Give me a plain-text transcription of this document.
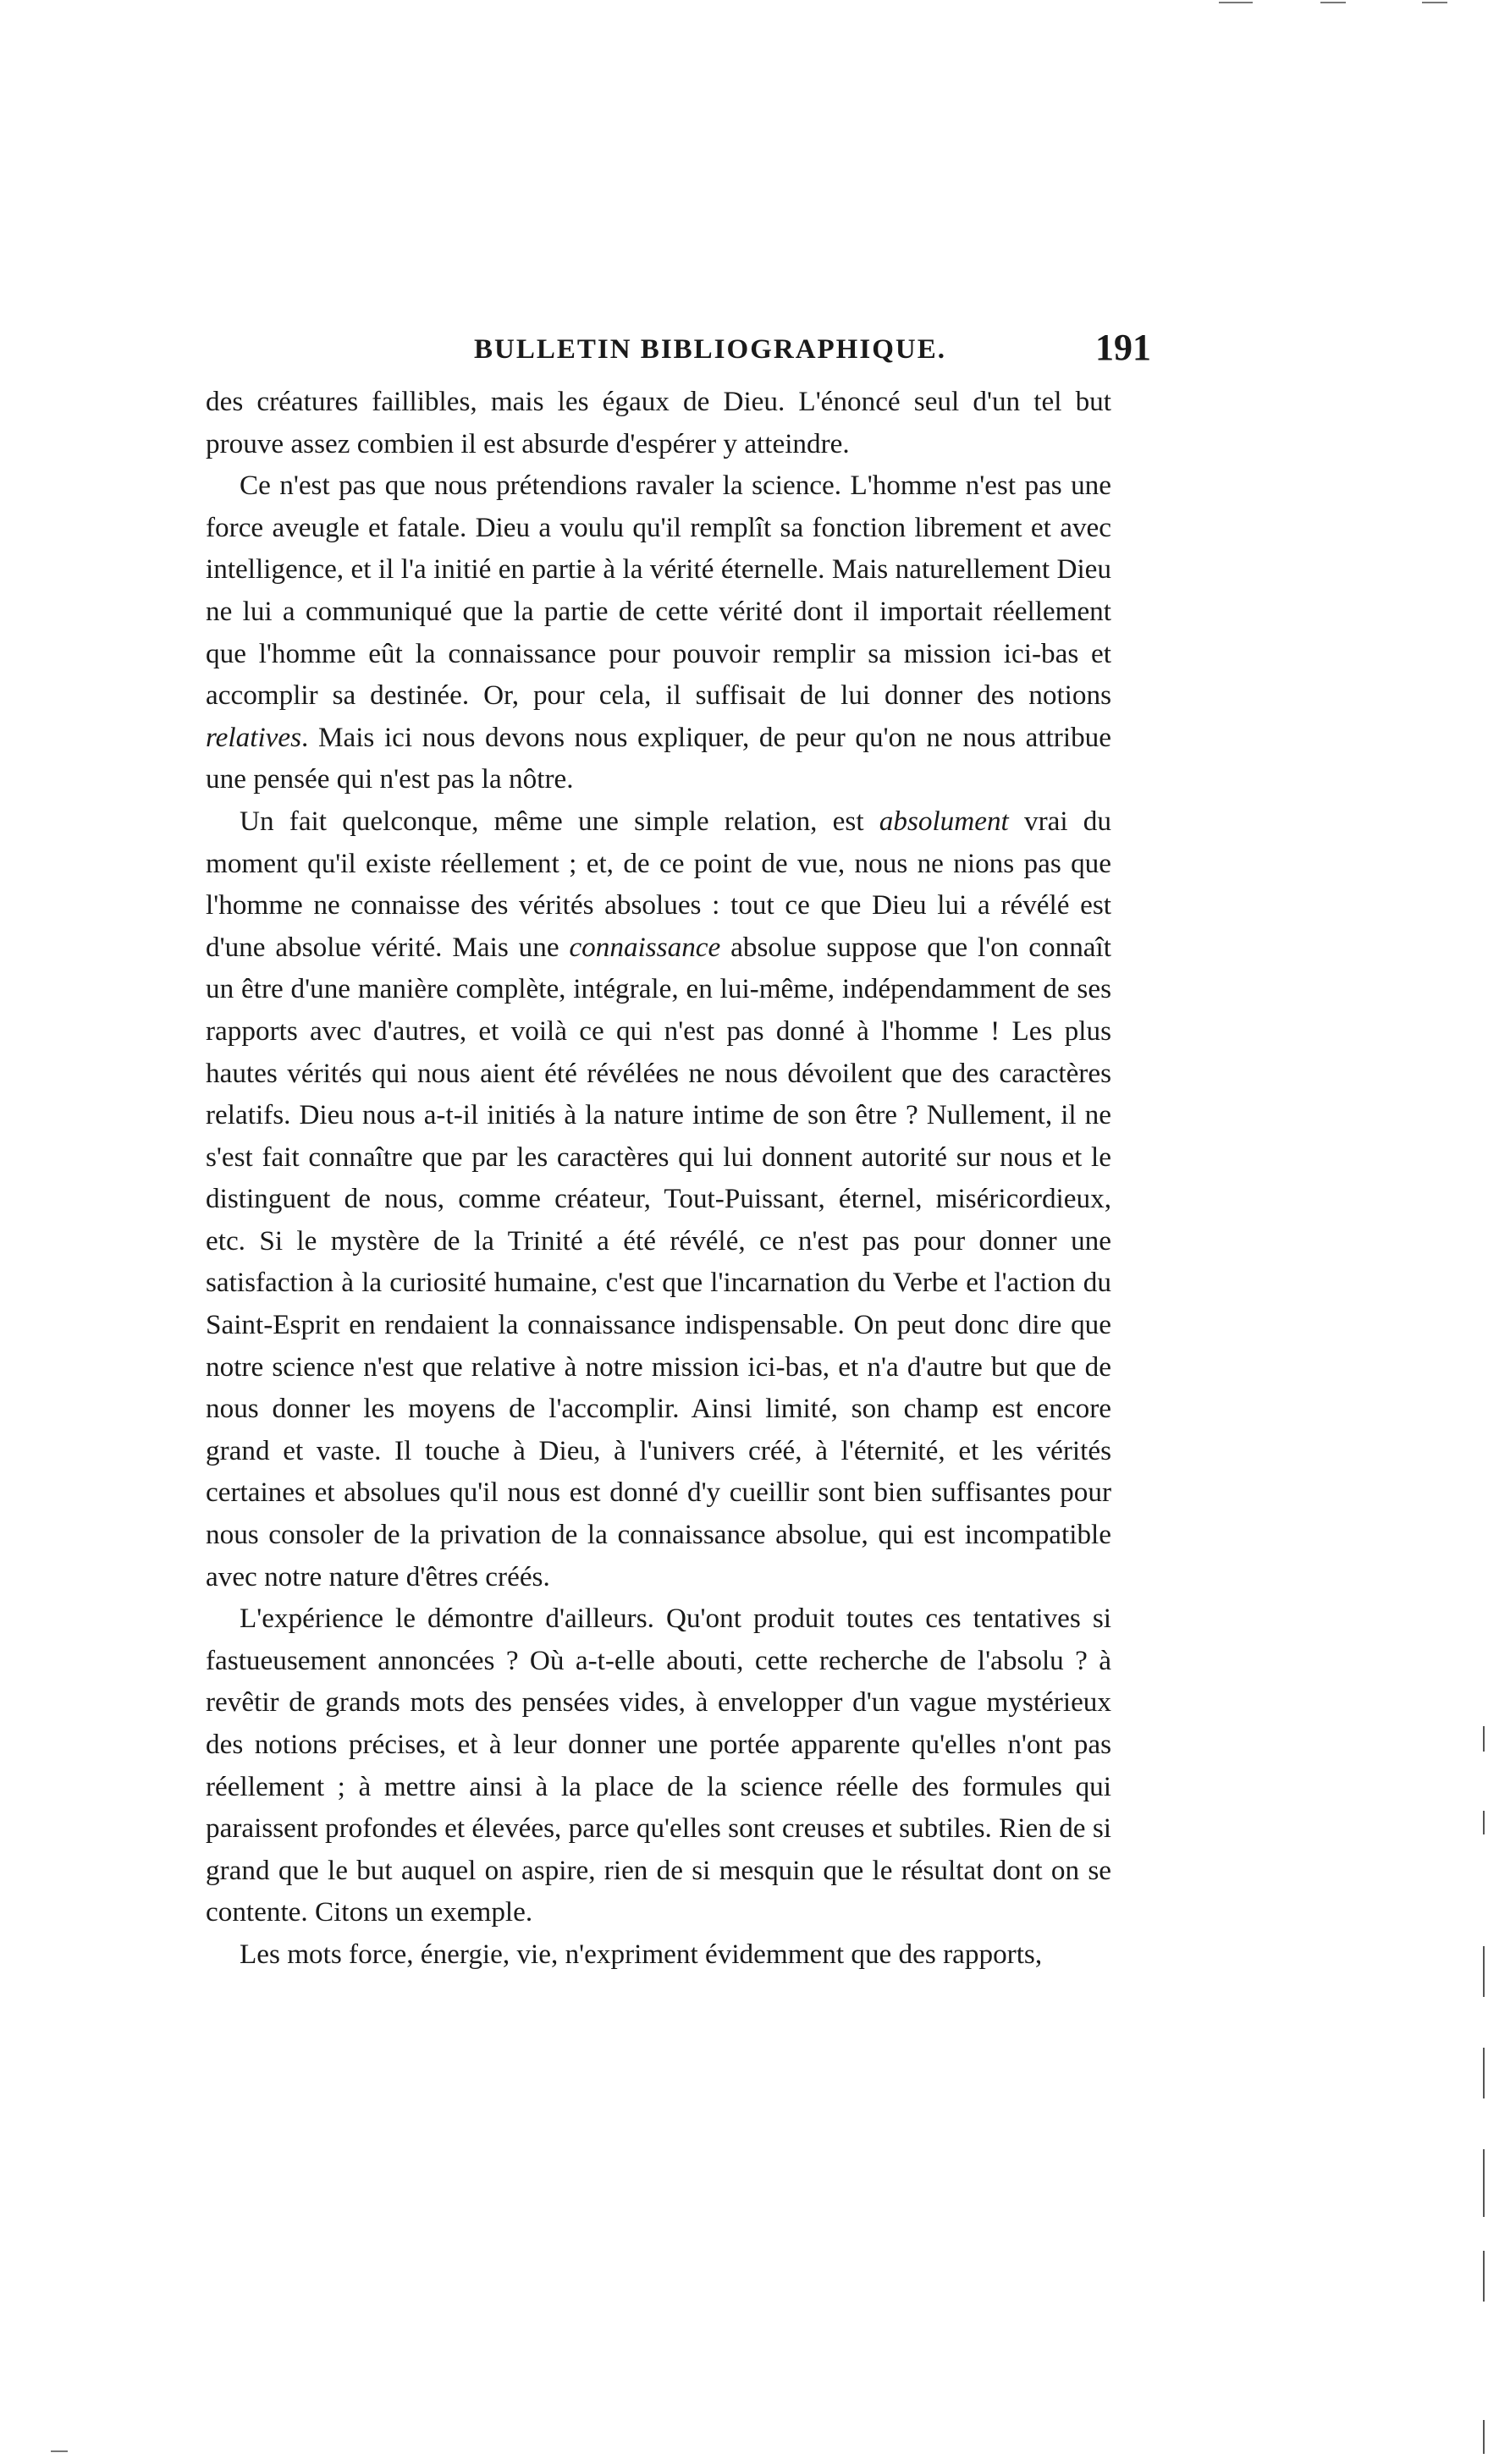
BULLETIN BIBLIOGRAPHIQUE.	191

des créatures faillibles, mais les égaux de Dieu. L'énoncé seul d'un tel but prouve assez combien il est absurde d'espérer y atteindre.

Ce n'est pas que nous prétendions ravaler la science. L'homme n'est pas une force aveugle et fatale. Dieu a voulu qu'il remplît sa fonction librement et avec intelligence, et il l'a initié en partie à la vérité éternelle. Mais naturellement Dieu ne lui a communiqué que la partie de cette vérité dont il importait réellement que l'homme eût la connaissance pour pouvoir remplir sa mission ici-bas et accomplir sa destinée. Or, pour cela, il suffisait de lui donner des notions relatives. Mais ici nous devons nous expliquer, de peur qu'on ne nous attribue une pensée qui n'est pas la nôtre.

Un fait quelconque, même une simple relation, est absolument vrai du moment qu'il existe réellement ; et, de ce point de vue, nous ne nions pas que l'homme ne connaisse des vérités absolues : tout ce que Dieu lui a révélé est d'une absolue vérité. Mais une connaissance absolue suppose que l'on connaît un être d'une manière complète, intégrale, en lui-même, indépendamment de ses rapports avec d'autres, et voilà ce qui n'est pas donné à l'homme ! Les plus hautes vérités qui nous aient été révélées ne nous dévoilent que des caractères relatifs. Dieu nous a-t-il initiés à la nature intime de son être ? Nullement, il ne s'est fait connaître que par les caractères qui lui donnent autorité sur nous et le distinguent de nous, comme créateur, Tout-Puissant, éternel, miséricordieux, etc. Si le mystère de la Trinité a été révélé, ce n'est pas pour donner une satisfaction à la curiosité humaine, c'est que l'incarnation du Verbe et l'action du Saint-Esprit en rendaient la connaissance indispensable. On peut donc dire que notre science n'est que relative à notre mission ici-bas, et n'a d'autre but que de nous donner les moyens de l'accomplir. Ainsi limité, son champ est encore grand et vaste. Il touche à Dieu, à l'univers créé, à l'éternité, et les vérités certaines et absolues qu'il nous est donné d'y cueillir sont bien suffisantes pour nous consoler de la privation de la connaissance absolue, qui est incompatible avec notre nature d'êtres créés.

L'expérience le démontre d'ailleurs. Qu'ont produit toutes ces tentatives si fastueusement annoncées ? Où a-t-elle abouti, cette recherche de l'absolu ? à revêtir de grands mots des pensées vides, à envelopper d'un vague mystérieux des notions précises, et à leur donner une portée apparente qu'elles n'ont pas réellement ; à mettre ainsi à la place de la science réelle des formules qui paraissent profondes et élevées, parce qu'elles sont creuses et subtiles. Rien de si grand que le but auquel on aspire, rien de si mesquin que le résultat dont on se contente. Citons un exemple.

Les mots force, énergie, vie, n'expriment évidemment que des rapports,
